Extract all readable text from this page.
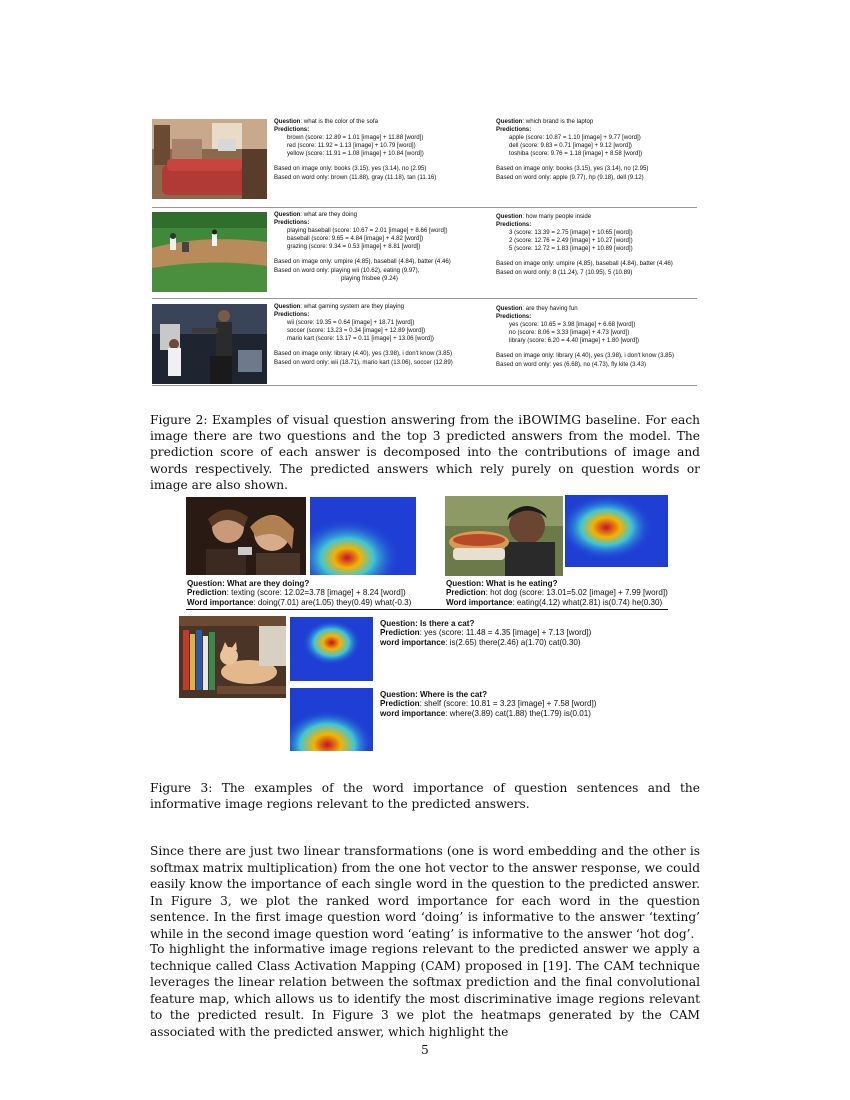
Question: what is the color of the sofa
Predictions:
brown (score: 12.89 = 1.01 [image] + 11.88 [word])
red (score: 11.92 = 1.13 [image] + 10.79 [word])
yellow (score: 11.91 = 1.08 [image] + 10.84 [word])
Based on image only: books (3.15), yes (3.14), no (2.95)
Based on word only: brown (11.88), gray (11.18), tan (11.16)
Question: which brand is the laptop
Predictions:
apple (score: 10.87 = 1.10 [image] + 9.77 [word])
dell (score: 9.83 = 0.71 [image] + 9.12 [word])
toshiba (score: 9.76 = 1.18 [image] + 8.58 [word])
Based on image only: books (3.15), yes (3.14), no (2.95)
Based on word only: apple (9.77), hp (9.18), dell (9.12)
Question: what are they doing
Predictions:
playing baseball (score: 10.67 = 2.01 [image] + 8.66 [word])
baseball (score: 9.65 = 4.84 [image] + 4.82 [word])
grazing (score: 9.34 = 0.53 [image] + 8.81 [word])
Based on image only: umpire (4.85), baseball (4.84), batter (4.46)
Based on word only: playing wii (10.62), eating (9.97),
playing frisbee (9.24)
Question: how many people inside
Predictions:
3 (score: 13.39 = 2.75 [image] + 10.65 [word])
2 (score: 12.76 = 2.49 [image] + 10.27 [word])
5 (score: 12.72 = 1.83 [image] + 10.89 [word])
Based on image only: umpire (4.85), baseball (4.84), batter (4.46)
Based on word only: 8 (11.24), 7 (10.95), 5 (10.89)
Question: what gaming system are they playing
Predictions:
wii (score: 19.35 = 0.64 [image] + 18.71 [word])
soccer (score: 13.23 = 0.34 [image] + 12.89 [word])
mario kart (score: 13.17 = 0.11 [image] + 13.06 [word])
Based on image only: library (4.40), yes (3.98), i don't know (3.85)
Based on word only: wii (18.71), mario kart (13.06), soccer (12.89)
Question: are they having fun
Predictions:
yes (score: 10.65 = 3.98 [image] + 6.68 [word])
no (score: 8.06 = 3.33 [image] + 4.73 [word])
library (score: 6.20 = 4.40 [image] + 1.80 [word])
Based on image only: library (4.40), yes (3.98), i don't know (3.85)
Based on word only: yes (6.68), no (4.73), fly kite (3.43)
Figure 2: Examples of visual question answering from the iBOWIMG baseline. For each image there are two questions and the top 3 predicted answers from the model. The prediction score of each answer is decomposed into the contributions of image and words respectively. The predicted answers which rely purely on question words or image are also shown.
Question: What are they doing?
Prediction: texting (score: 12.02=3.78 [image] + 8.24 [word])
Word importance: doing(7.01) are(1.05) they(0.49) what(-0.3)
Question: What is he eating?
Prediction: hot dog (score: 13.01=5.02 [image] + 7.99 [word])
Word importance: eating(4.12) what(2.81) is(0.74) he(0.30)
Question: Is there a cat?
Prediction: yes (score: 11.48 = 4.35 [image] + 7.13 [word])
word importance: is(2.65) there(2.46) a(1.70) cat(0.30)
Question: Where is the cat?
Prediction: shelf (score: 10.81 = 3.23 [image] + 7.58 [word])
word importance: where(3.89) cat(1.88) the(1.79) is(0.01)
Figure 3: The examples of the word importance of question sentences and the informative image regions relevant to the predicted answers.
Since there are just two linear transformations (one is word embedding and the other is softmax matrix multiplication) from the one hot vector to the answer response, we could easily know the importance of each single word in the question to the predicted answer. In Figure 3, we plot the ranked word importance for each word in the question sentence. In the first image question word ‘doing’ is informative to the answer ‘texting’ while in the second image question word ‘eating’ is informative to the answer ‘hot dog’.
To highlight the informative image regions relevant to the predicted answer we apply a technique called Class Activation Mapping (CAM) proposed in [19]. The CAM technique leverages the linear relation between the softmax prediction and the final convolutional feature map, which allows us to identify the most discriminative image regions relevant to the predicted result. In Figure 3 we plot the heatmaps generated by the CAM associated with the predicted answer, which highlight the
5
